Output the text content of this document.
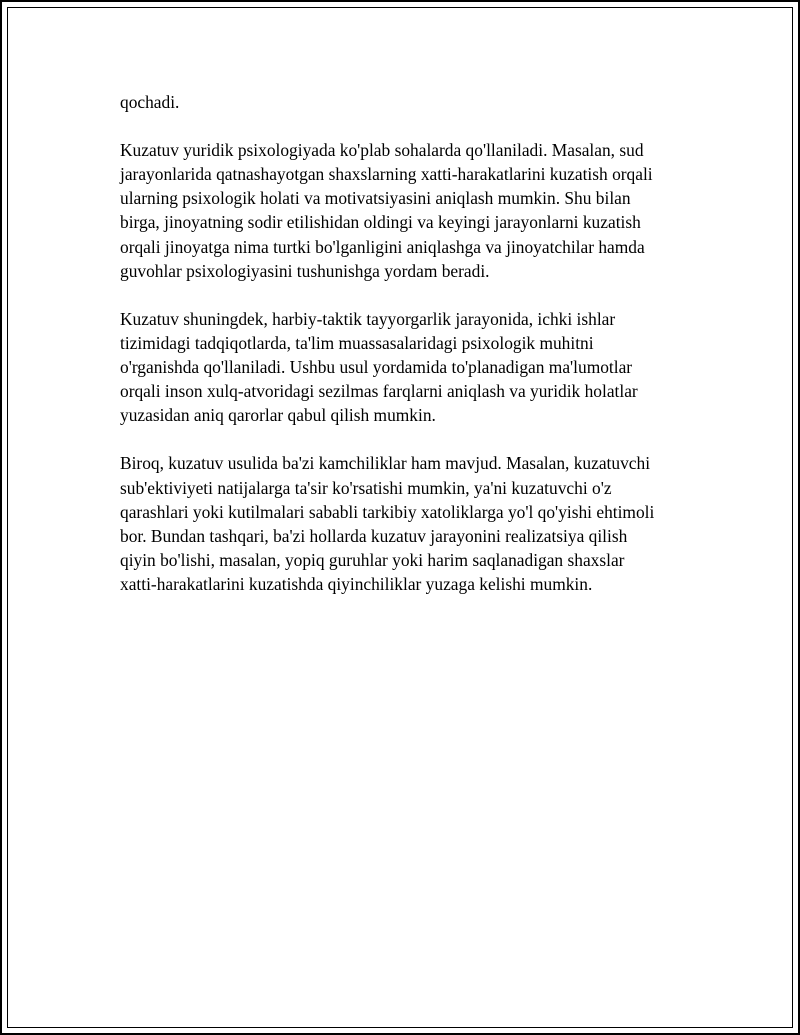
qochadi.

Kuzatuv yuridik psixologiyada ko'plab sohalarda qo'llaniladi. Masalan, sud
jarayonlarida qatnashayotgan shaxslarning xatti-harakatlarini kuzatish orqali
ularning psixologik holati va motivatsiyasini aniqlash mumkin. Shu bilan
birga, jinoyatning sodir etilishidan oldingi va keyingi jarayonlarni kuzatish
orqali jinoyatga nima turtki bo'lganligini aniqlashga va jinoyatchilar hamda
guvohlar psixologiyasini tushunishga yordam beradi.

Kuzatuv shuningdek, harbiy-taktik tayyorgarlik jarayonida, ichki ishlar
tizimidagi tadqiqotlarda, ta'lim muassasalaridagi psixologik muhitni
o'rganishda qo'llaniladi. Ushbu usul yordamida to'planadigan ma'lumotlar
orqali inson xulq-atvoridagi sezilmas farqlarni aniqlash va yuridik holatlar
yuzasidan aniq qarorlar qabul qilish mumkin.

Biroq, kuzatuv usulida ba'zi kamchiliklar ham mavjud. Masalan, kuzatuvchi
sub'ektiviyeti natijalarga ta'sir ko'rsatishi mumkin, ya'ni kuzatuvchi o'z
qarashlari yoki kutilmalari sababli tarkibiy xatoliklarga yo'l qo'yishi ehtimoli
bor. Bundan tashqari, ba'zi hollarda kuzatuv jarayonini realizatsiya qilish
qiyin bo'lishi, masalan, yopiq guruhlar yoki harim saqlanadigan shaxslar
xatti-harakatlarini kuzatishda qiyinchiliklar yuzaga kelishi mumkin.
